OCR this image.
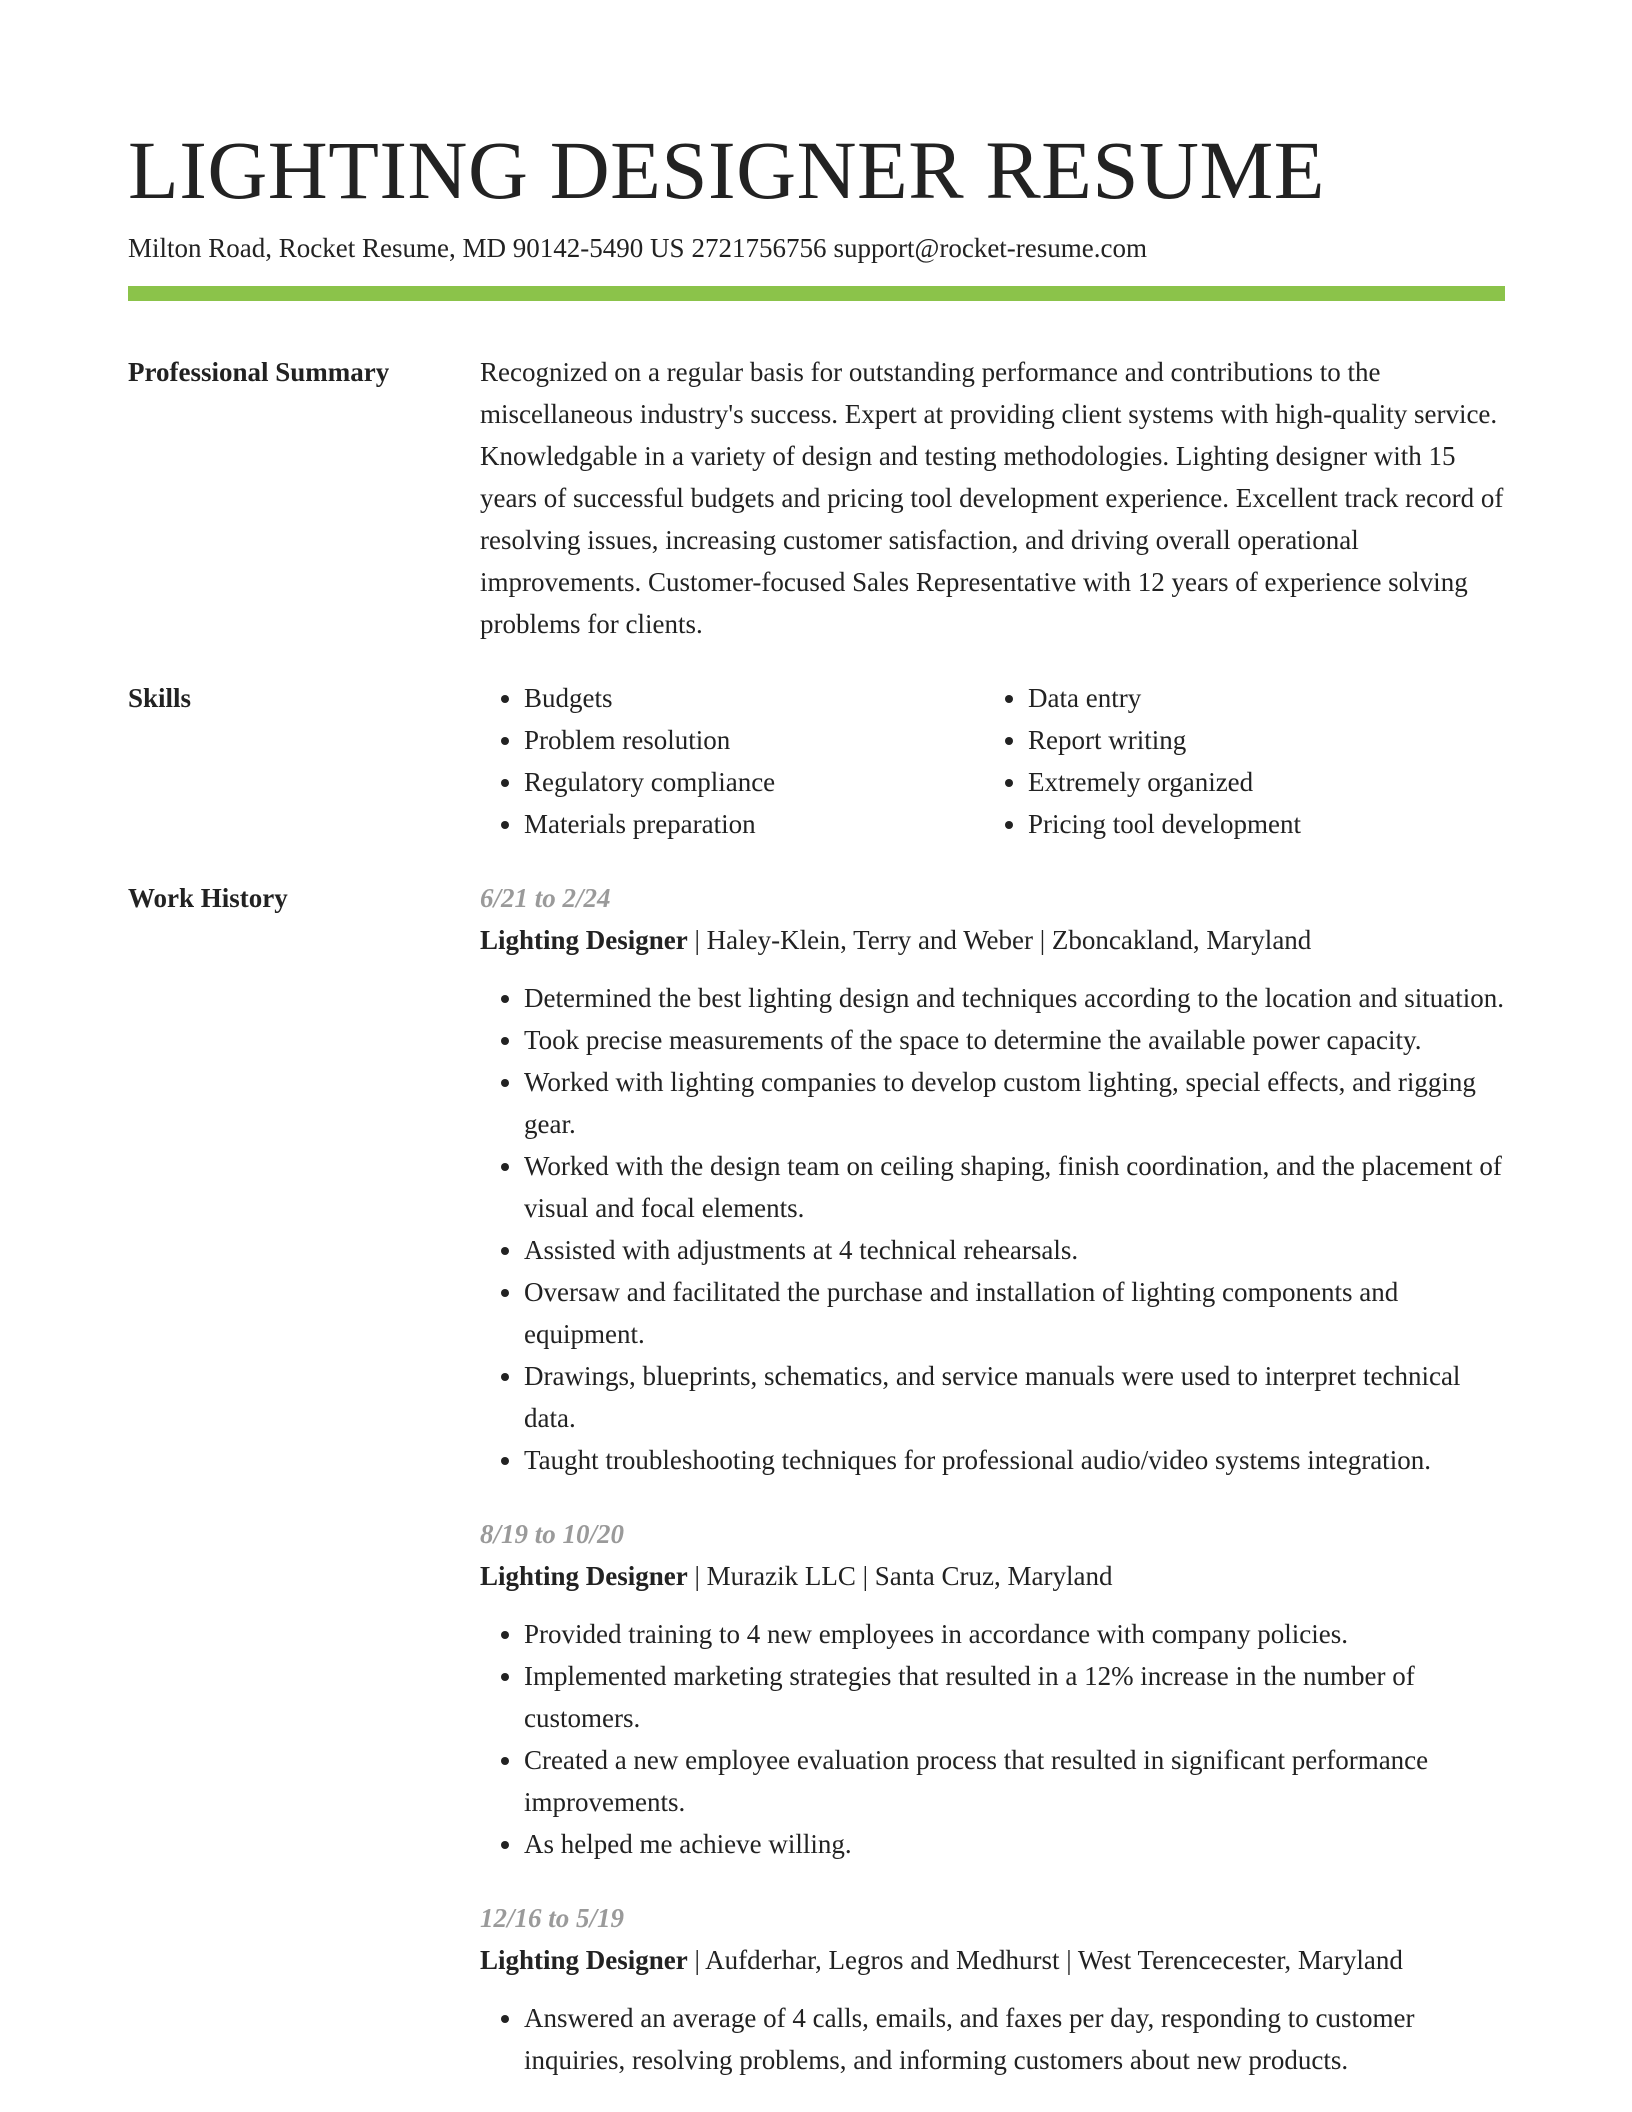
LIGHTING DESIGNER RESUME
Milton Road, Rocket Resume, MD 90142-5490 US 2721756756 support@rocket-resume.com
Professional Summary	Recognized on a regular basis for outstanding performance and contributions to the miscellaneous industry's success. Expert at providing client systems with high-quality service. Knowledgable in a variety of design and testing methodologies. Lighting designer with 15 years of successful budgets and pricing tool development experience. Excellent track record of resolving issues, increasing customer satisfaction, and driving overall operational improvements. Customer-focused Sales Representative with 12 years of experience solving problems for clients.

Skills
•	Budgets
• Problem resolution
• Regulatory compliance
• Materials preparation
• Data entry
• Report writing
• Extremely organized
• Pricing tool development
Work History	6/21 to 2/24
Lighting Designer | Haley-Klein, Terry and Weber | Zboncakland, Maryland
• Determined the best lighting design and techniques according to the location and situation.
• Took precise measurements of the space to determine the available power capacity.
• Worked with lighting companies to develop custom lighting, special effects, and rigging gear.
• Worked with the design team on ceiling shaping, finish coordination, and the placement of visual and focal elements.
• Assisted with adjustments at 4 technical rehearsals.
• Oversaw and facilitated the purchase and installation of lighting components and equipment.
• Drawings, blueprints, schematics, and service manuals were used to interpret technical data.
• Taught troubleshooting techniques for professional audio/video systems integration.
8/19 to 10/20
Lighting Designer | Murazik LLC | Santa Cruz, Maryland
• Provided training to 4 new employees in accordance with company policies.
• Implemented marketing strategies that resulted in a 12% increase in the number of customers.
• Created a new employee evaluation process that resulted in significant performance improvements.
• As helped me achieve willing.
12/16 to 5/19
Lighting Designer | Aufderhar, Legros and Medhurst | West Terencecester, Maryland
• Answered an average of 4 calls, emails, and faxes per day, responding to customer inquiries, resolving problems, and informing customers about new products.
